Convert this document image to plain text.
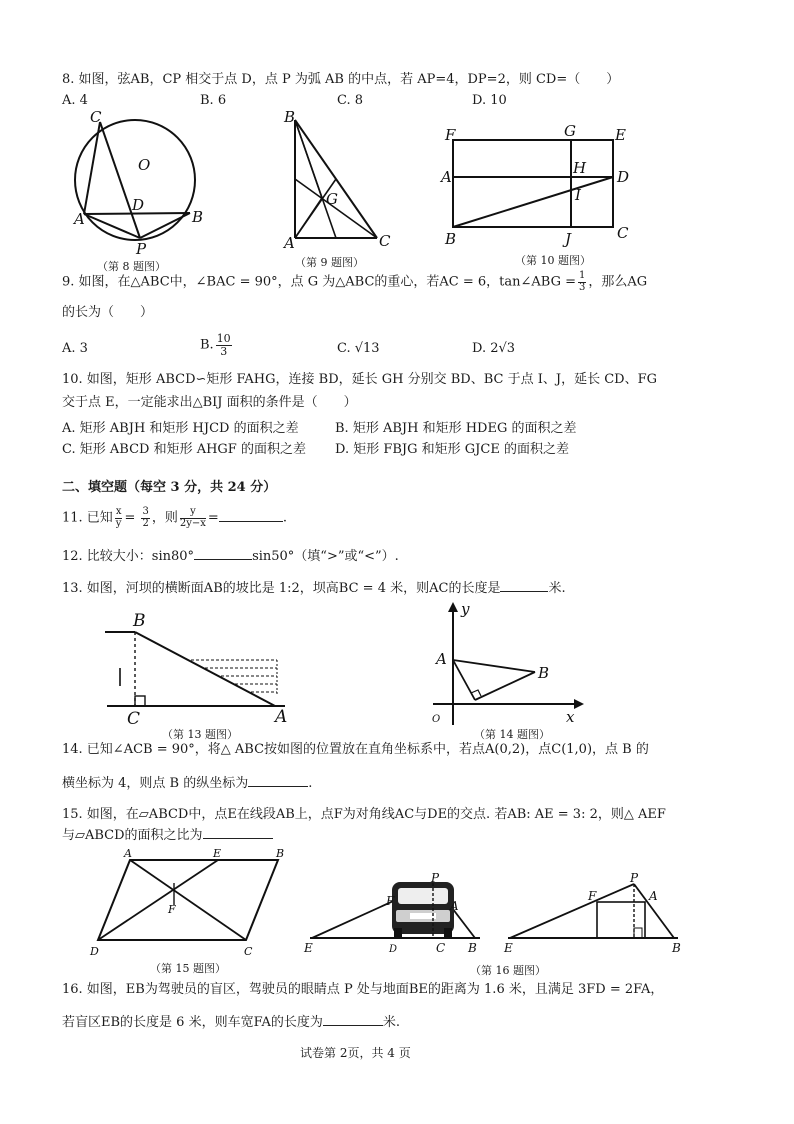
8. 如图，弦AB，CP 相交于点 D，点 P 为弧 AB 的中点，若 AP=4，DP=2，则 CD=（　　）
A. 4	B. 6	C. 8	D. 10
C
O
D
A	B
P
（第 8 题图）
B
G
A	C
（第 9 题图）
F	G	E
A	H D
I
B	J	C
（第 10 题图）
9. 如图，在△ABC中，∠BAC = 90°，点 G 为△ABC的重心，若AC = 6，tan∠ABG = $\frac{1}{3}$ ，那么AG
的长为（　　）
A. 3	B. $\frac{10}{3}$	C. √13	D. 2√3
10. 如图，矩形 ABCD∽矩形 FAHG，连接 BD，延长 GH 分别交 BD、BC 于点 I、J，延长 CD、FG
交于点 E，一定能求出△BIJ 面积的条件是（　　）
A. 矩形 ABJH 和矩形 HJCD 的面积之差	B. 矩形 ABJH 和矩形 HDEG 的面积之差
C. 矩形 ABCD 和矩形 AHGF 的面积之差 D. 矩形 FBJG 和矩形 GJCE 的面积之差
二、填空题（每空 3 分，共 24 分）
11. 已知 $\frac{x}{y} = \frac{3}{2}$ ，则 $\frac{y}{2y-x}$ =	.
12. 比较大小：sin80°	sin50°（填“>”或“<”）.
13. 如图，河坝的横断面AB的坡比是 1:2，坝高BC = 4 米，则AC的长度是	米.
B
C	A
（第 13 题图）
y
A
B
O	x
（第 14 题图）
14. 已知∠ACB = 90°，将△ ABC按如图的位置放在直角坐标系中，若点A(0,2)，点C(1,0)，点 B 的
横坐标为 4，则点 B 的纵坐标为	.
15. 如图，在▱ABCD中，点E在线段AB上，点F为对角线AC与DE的交点. 若AB: AE = 3: 2，则△ AEF
与▱ABCD的面积之比为
A	E	B
F
D	C
（第 15 题图）
F
P
A
E	D	C B
F
P
A
E	B
（第 16 题图）
16. 如图，EB为驾驶员的盲区，驾驶员的眼睛点 P 处与地面BE的距离为 1.6 米，且满足 3FD = 2FA，
若盲区EB的长度是 6 米，则车宽FA的长度为	米.
试卷第 2页，共 4 页
